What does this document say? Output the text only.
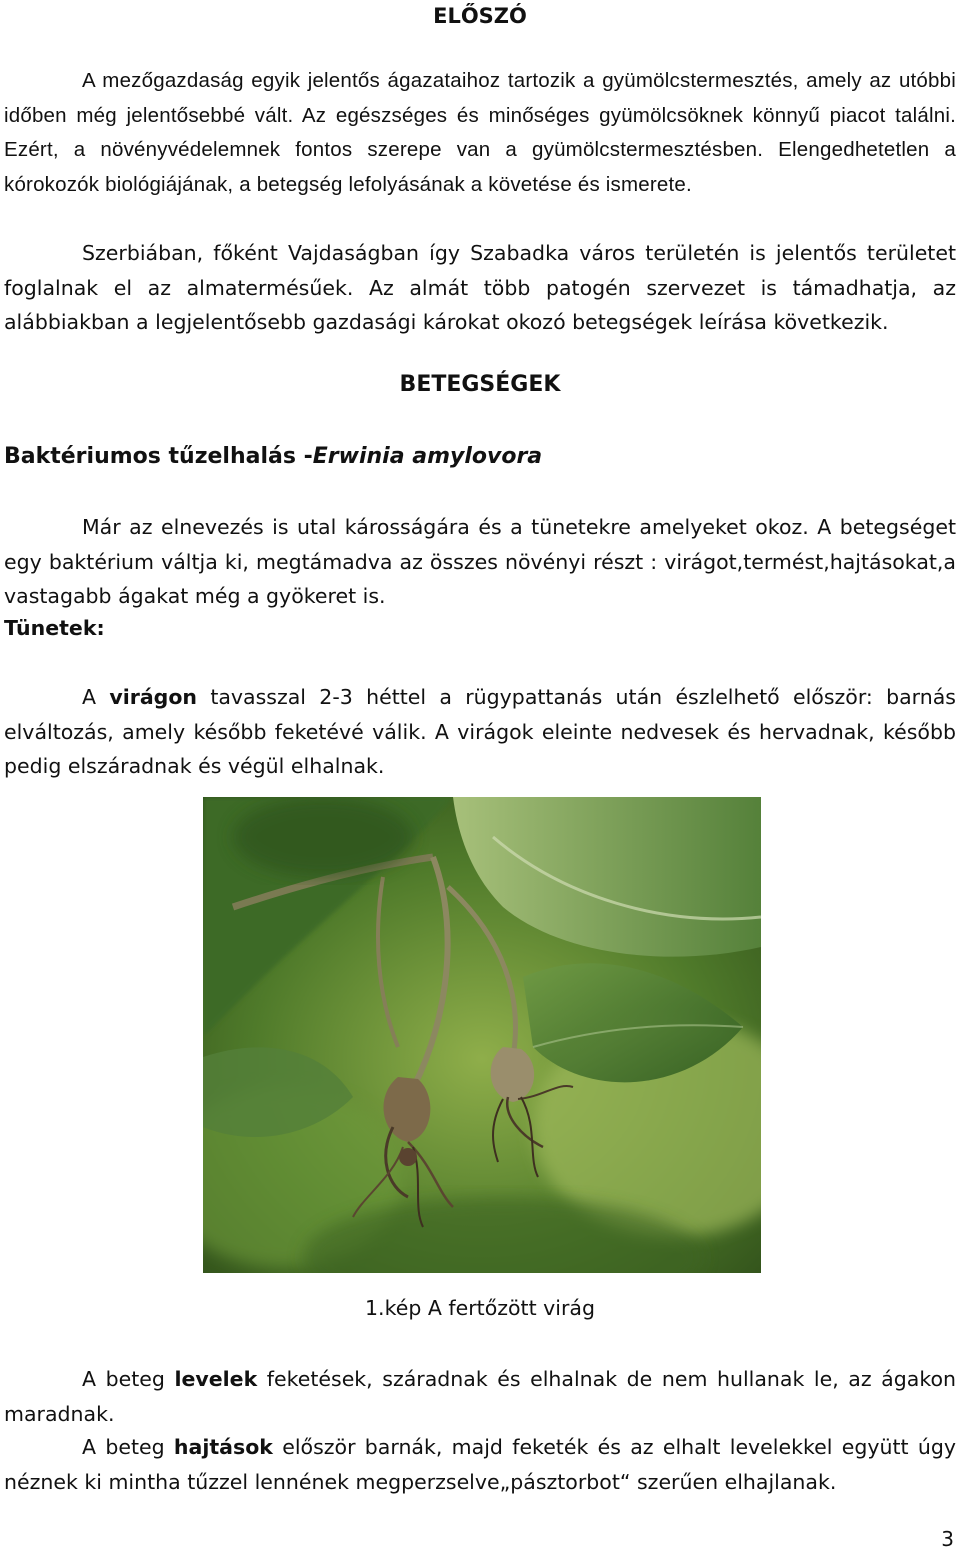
ELŐSZÓ

A mezőgazdaság egyik jelentős ágazataihoz tartozik a gyümölcstermesztés, amely az utóbbi időben még jelentősebbé vált. Az egészséges és minőséges gyümölcsöknek könnyű piacot találni. Ezért, a növényvédelemnek fontos szerepe van a gyümölcstermesztésben. Elengedhetetlen a kórokozók biológiájának, a betegség lefolyásának a követése és ismerete.

Szerbiában, főként Vajdaságban így Szabadka város területén is jelentős területet foglalnak el az almatermésűek. Az almát több patogén szervezet is támadhatja, az alábbiakban a legjelentősebb gazdasági károkat okozó betegségek leírása következik.

BETEGSÉGEK
Baktériumos tűzelhalás -Erwinia amylovora

Már az elnevezés is utal károsságára és a tünetekre amelyeket okoz. A betegséget egy baktérium váltja ki, megtámadva az összes növényi részt : virágot,termést,hajtásokat,a vastagabb ágakat még a gyökeret is.

Tünetek:

A virágon tavasszal 2-3 héttel a rügypattanás után észlelhető először: barnás elváltozás, amely később feketévé válik. A virágok eleinte nedvesek és hervadnak, később pedig elszáradnak és végül elhalnak.

1.kép A fertőzött virág

A beteg levelek feketések, száradnak és elhalnak de nem hullanak le, az ágakon maradnak.

A beteg hajtások először barnák, majd feketék és az elhalt levelekkel együtt úgy néznek ki mintha tűzzel lennének megperzselve„pásztorbot“ szerűen elhajlanak.

3
